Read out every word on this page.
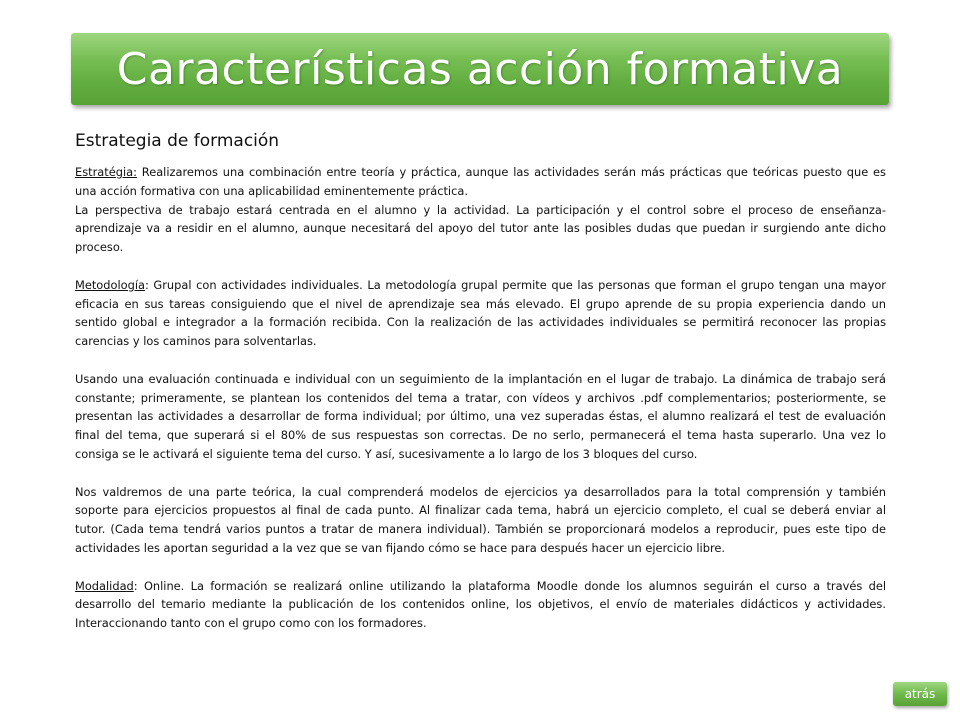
Características acción formativa
Estrategia de formación

Estratégia: Realizaremos una combinación entre teoría y práctica, aunque las actividades serán más prácticas que teóricas puesto que es una acción formativa con una aplicabilidad eminentemente práctica.

La perspectiva de trabajo estará centrada en el alumno y la actividad. La participación y el control sobre el proceso de enseñanza-aprendizaje va a residir en el alumno, aunque necesitará del apoyo del tutor ante las posibles dudas que puedan ir surgiendo ante dicho proceso.

Metodología: Grupal con actividades individuales. La metodología grupal permite que las personas que forman el grupo tengan una mayor eficacia en sus tareas consiguiendo que el nivel de aprendizaje sea más elevado. El grupo aprende de su propia experiencia dando un sentido global e integrador a la formación recibida. Con la realización de las actividades individuales se permitirá reconocer las propias carencias y los caminos para solventarlas.

Usando una evaluación continuada e individual con un seguimiento de la implantación en el lugar de trabajo. La dinámica de trabajo será constante; primeramente, se plantean los contenidos del tema a tratar, con vídeos y archivos .pdf complementarios; posteriormente, se presentan las actividades a desarrollar de forma individual; por último, una vez superadas éstas, el alumno realizará el test de evaluación final del tema, que superará si el 80% de sus respuestas son correctas. De no serlo, permanecerá el tema hasta superarlo. Una vez lo consiga se le activará el siguiente tema del curso. Y así, sucesivamente a lo largo de los 3 bloques del curso.

Nos valdremos de una parte teórica, la cual comprenderá modelos de ejercicios ya desarrollados para la total comprensión y también soporte para ejercicios propuestos al final de cada punto. Al finalizar cada tema, habrá un ejercicio completo, el cual se deberá enviar al tutor. (Cada tema tendrá varios puntos a tratar de manera individual). También se proporcionará modelos a reproducir, pues este tipo de actividades les aportan seguridad a la vez que se van fijando cómo se hace para después hacer un ejercicio libre.

Modalidad: Online. La formación se realizará online utilizando la plataforma Moodle donde los alumnos seguirán el curso a través del desarrollo del temario mediante la publicación de los contenidos online, los objetivos, el envío de materiales didácticos y actividades. Interaccionando tanto con el grupo como con los formadores.

atrás
